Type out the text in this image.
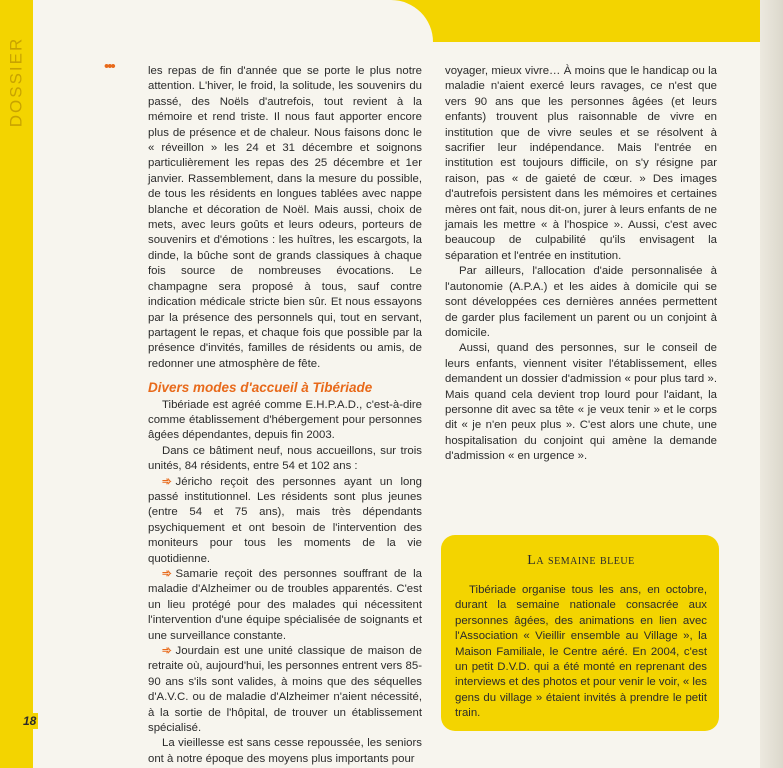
DOSSIER	•••	les repas de fin d'année que se porte le plus notre attention. L'hiver, le froid, la solitude, les souvenirs du passé, des Noëls d'autrefois, tout revient à la mémoire et rend triste. Il nous faut apporter encore plus de présence et de chaleur. Nous faisons donc le « réveillon » les 24 et 31 décembre et soignons particulièrement les repas des 25 décembre et 1er janvier. Rassemblement, dans la mesure du possible, de tous les résidents en longues tablées avec nappe blanche et décoration de Noël. Mais aussi, choix de mets, avec leurs goûts et leurs odeurs, porteurs de souvenirs et d'émotions : les huîtres, les escargots, la dinde, la bûche sont de grands classiques à chaque fois source de nombreuses évocations. Le champagne sera proposé à tous, sauf contre indication médicale stricte bien sûr. Et nous essayons par la présence des personnels qui, tout en servant, partagent le repas, et chaque fois que possible par la présence d'invités, familles de résidents ou amis, de redonner une atmosphère de fête.

Divers modes d'accueil à Tibériade

Tibériade est agréé comme E.H.P.A.D., c'est-à-dire comme établissement d'hébergement pour personnes âgées dépendantes, depuis fin 2003.

Dans ce bâtiment neuf, nous accueillons, sur trois unités, 84 résidents, entre 54 et 102 ans :

➾ Jéricho reçoit des personnes ayant un long passé institutionnel. Les résidents sont plus jeunes (entre 54 et 75 ans), mais très dépendants psychiquement et ont besoin de l'intervention des moniteurs pour tous les moments de la vie quotidienne.

➾ Samarie reçoit des personnes souffrant de la maladie d'Alzheimer ou de troubles apparentés. C'est un lieu protégé pour des malades qui nécessitent l'intervention d'une équipe spécialisée de soignants et une surveillance constante.

➾ Jourdain est une unité classique de maison de retraite où, aujourd'hui, les personnes entrent vers 85-90 ans s'ils sont valides, à moins que des séquelles d'A.V.C. ou de maladie d'Alzheimer n'aient nécessité, à la sortie de l'hôpital, de trouver un établissement spécialisé.

La vieillesse est sans cesse repoussée, les seniors ont à notre époque des moyens plus importants pour

voyager, mieux vivre… À moins que le handicap ou la maladie n'aient exercé leurs ravages, ce n'est que vers 90 ans que les personnes âgées (et leurs enfants) trouvent plus raisonnable de vivre en institution que de vivre seules et se résolvent à sacrifier leur indépendance. Mais l'entrée en institution est toujours difficile, on s'y résigne par raison, pas « de gaieté de cœur. » Des images d'autrefois persistent dans les mémoires et certaines mères ont fait, nous dit-on, jurer à leurs enfants de ne jamais les mettre « à l'hospice ». Aussi, c'est avec beaucoup de culpabilité qu'ils envisagent la séparation et l'entrée en institution.

Par ailleurs, l'allocation d'aide personnalisée à l'autonomie (A.P.A.) et les aides à domicile qui se sont développées ces dernières années permettent de garder plus facilement un parent ou un conjoint à domicile.

Aussi, quand des personnes, sur le conseil de leurs enfants, viennent visiter l'établissement, elles demandent un dossier d'admission « pour plus tard ». Mais quand cela devient trop lourd pour l'aidant, la personne dit avec sa tête « je veux tenir » et le corps dit « je n'en peux plus ». C'est alors une chute, une hospitalisation du conjoint qui amène la demande d'admission « en urgence ».

La semaine bleue

Tibériade organise tous les ans, en octobre, durant la semaine nationale consacrée aux personnes âgées, des animations en lien avec l'Association « Vieillir ensemble au Village », la Maison Familiale, le Centre aéré. En 2004, c'est un petit D.V.D. qui a été monté en reprenant des interviews et des photos et pour venir le voir, « les gens du village » étaient invités à prendre le petit train.

18
